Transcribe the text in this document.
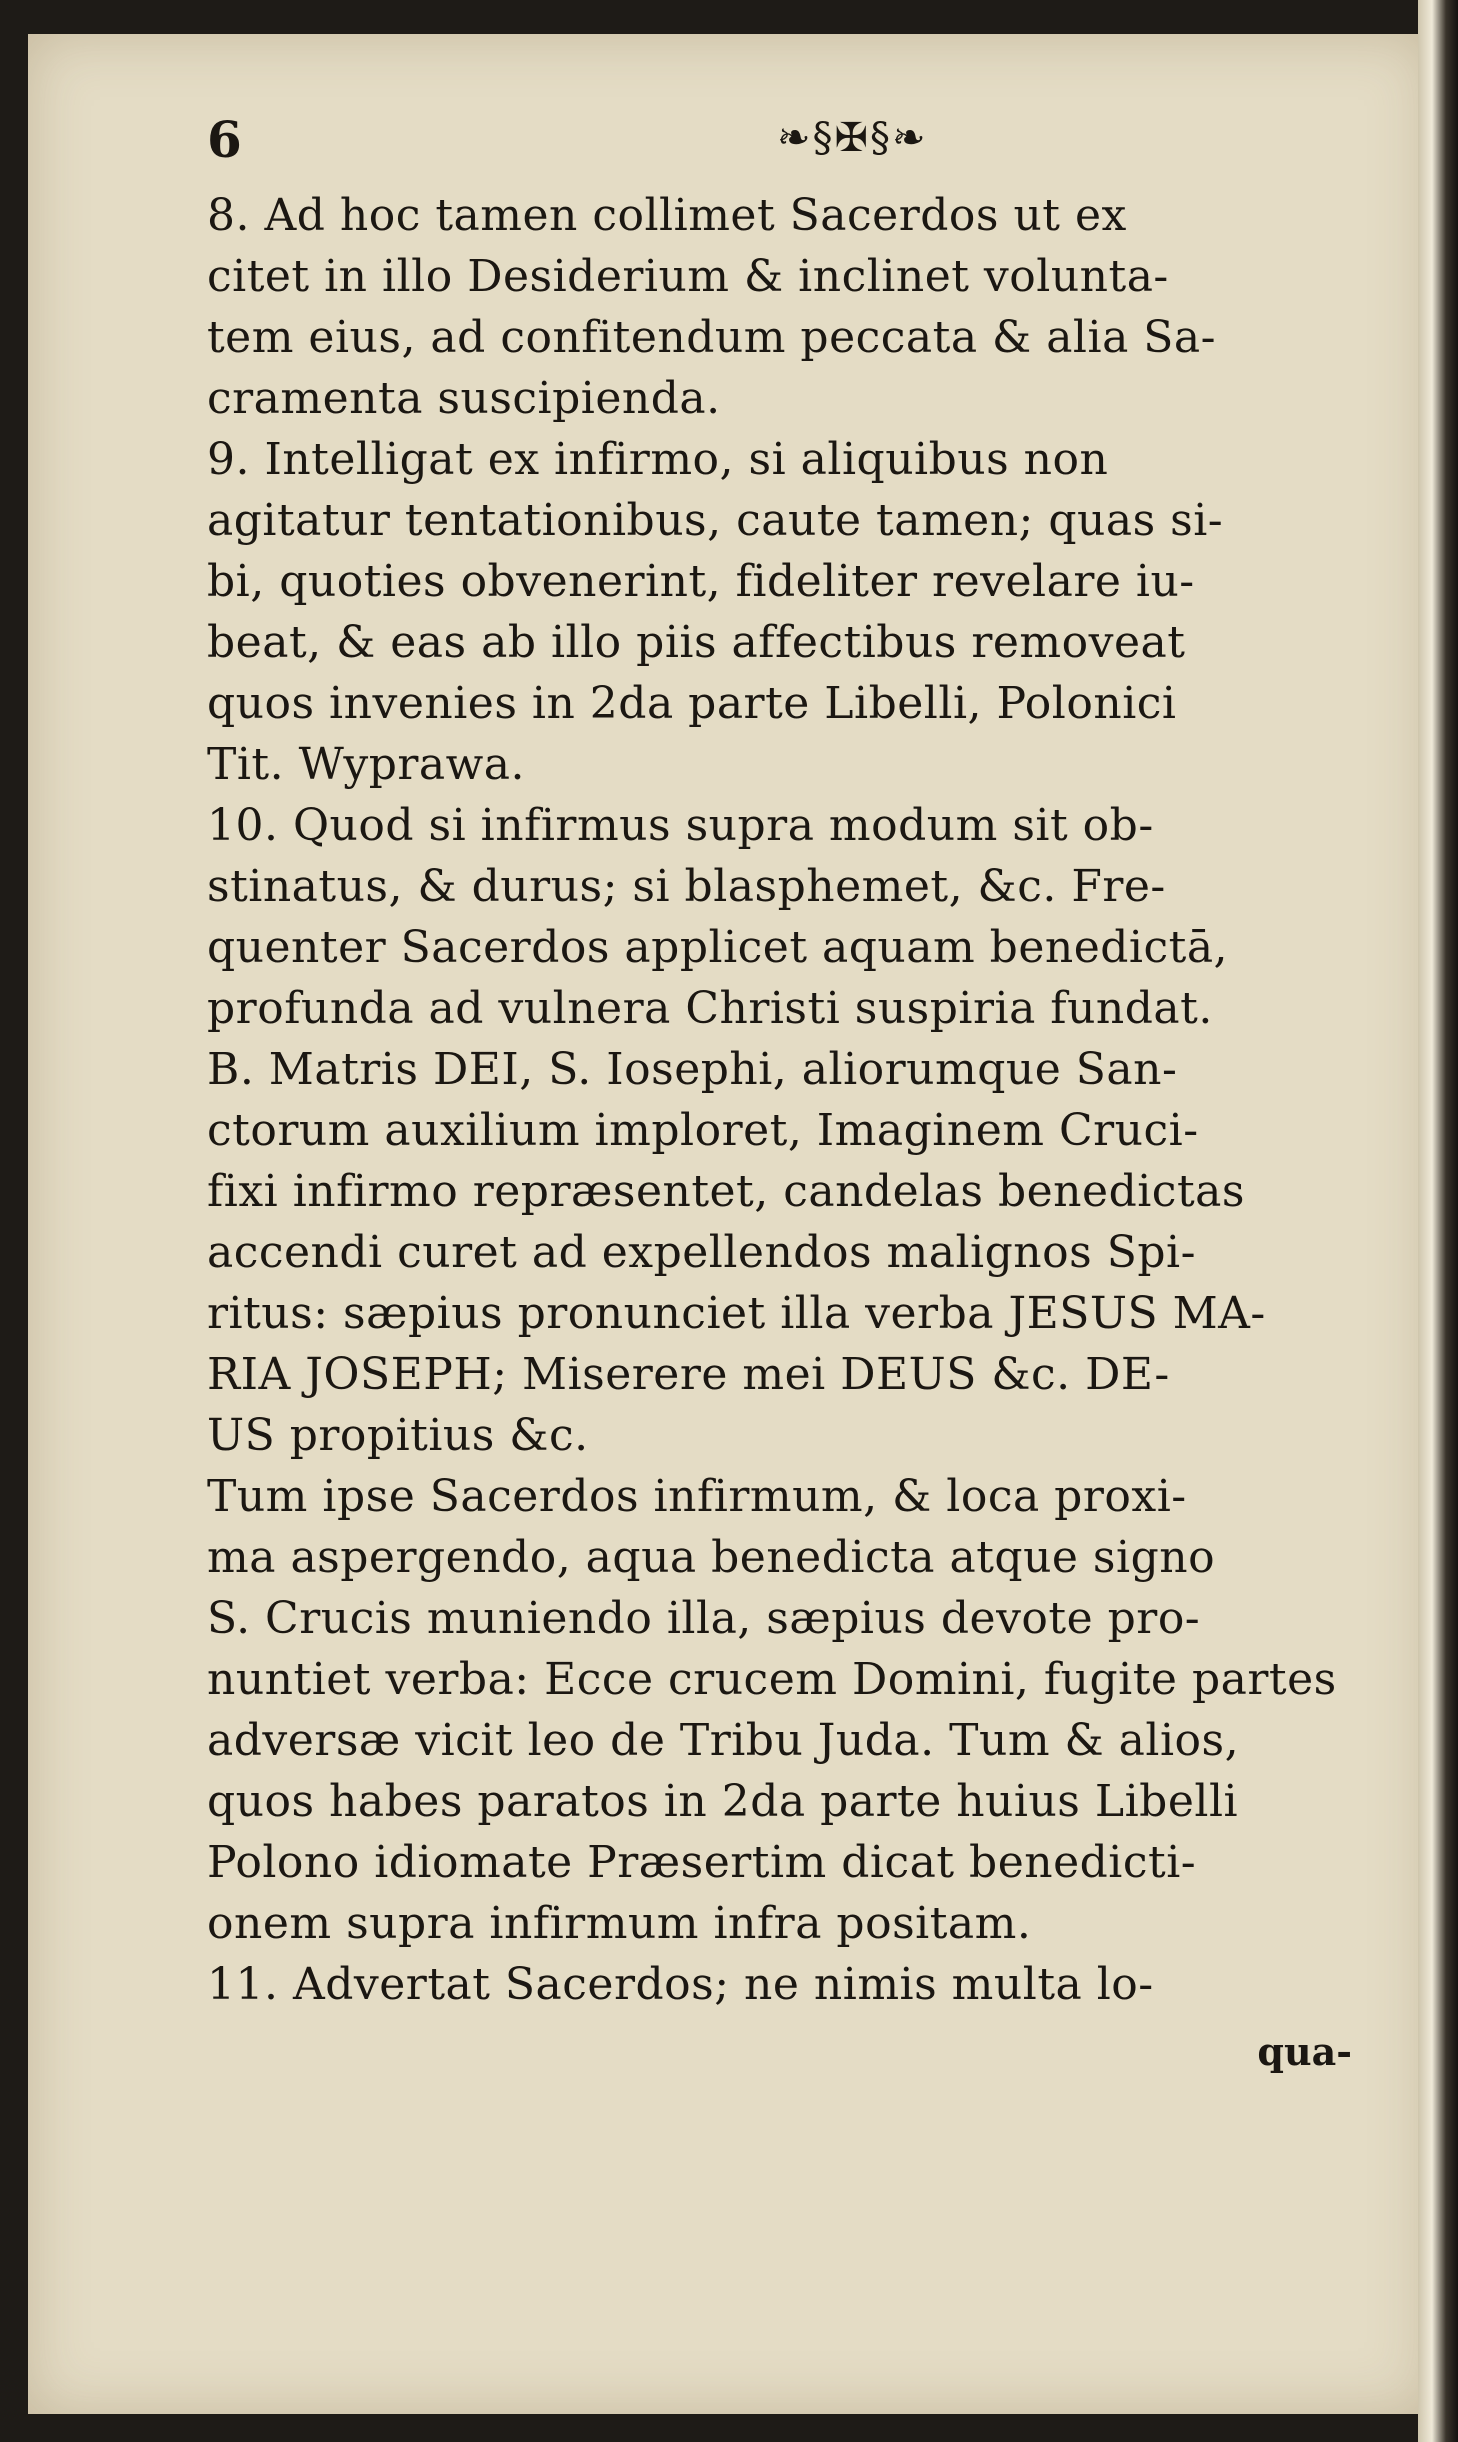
6	❧§✠§❧
8. Ad hoc tamen collimet Sacerdos ut ex
citet in illo Desiderium & inclinet volunta-
tem eius, ad confitendum peccata & alia Sa-
cramenta suscipienda.
9. Intelligat ex infirmo, si aliquibus non
agitatur tentationibus, caute tamen; quas si-
bi, quoties obvenerint, fideliter revelare iu-
beat, & eas ab illo piis affectibus removeat
quos invenies in 2da parte Libelli, Polonici
Tit. Wyprawa.
10. Quod si infirmus supra modum sit ob-
stinatus, & durus; si blasphemet, &c. Fre-
quenter Sacerdos applicet aquam benedictā,
profunda ad vulnera Christi suspiria fundat.
B. Matris DEI, S. Iosephi, aliorumque San-
ctorum auxilium imploret, Imaginem Cruci-
fixi infirmo repræsentet, candelas benedictas
accendi curet ad expellendos malignos Spi-
ritus: sæpius pronunciet illa verba JESUS MA-
RIA JOSEPH; Miserere mei DEUS &c. DE-
US propitius &c.
Tum ipse Sacerdos infirmum, & loca proxi-
ma aspergendo, aqua benedicta atque signo
S. Crucis muniendo illa, sæpius devote pro-
nuntiet verba: Ecce crucem Domini, fugite partes
adversæ vicit leo de Tribu Juda. Tum & alios,
quos habes paratos in 2da parte huius Libelli
Polono idiomate Præsertim dicat benedicti-
onem supra infirmum infra positam.
11. Advertat Sacerdos; ne nimis multa lo-
qua-
